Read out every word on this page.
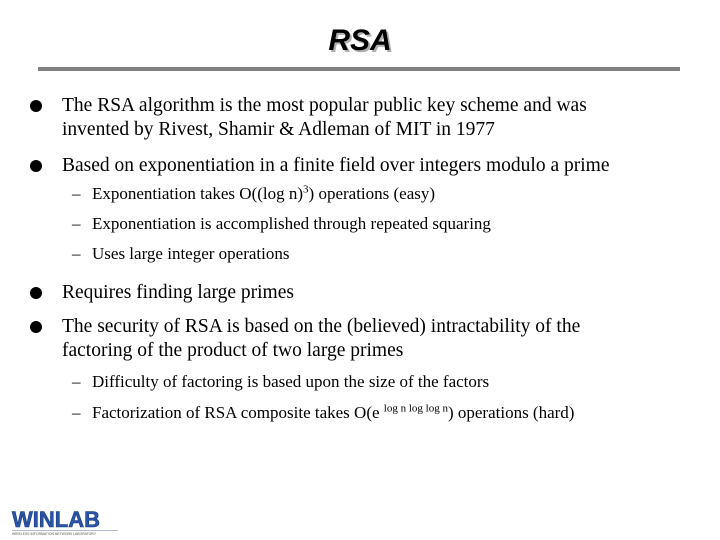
RSA
The RSA algorithm is the most popular public key scheme and was
invented by Rivest, Shamir & Adleman of MIT in 1977
Based on exponentiation in a finite field over integers modulo a prime
– Exponentiation takes O((log n)$^3$) operations (easy)
– Exponentiation is accomplished through repeated squaring
– Uses large integer operations
Requires finding large primes
The security of RSA is based on the (believed) intractability of the
factoring of the product of two large primes
– Difficulty of factoring is based upon the size of the factors
– Factorization of RSA composite takes O(e $^{log n log log n}$) operations (hard)
WINLAB
WIRELESS INFORMATION NETWORK LABORATORY
